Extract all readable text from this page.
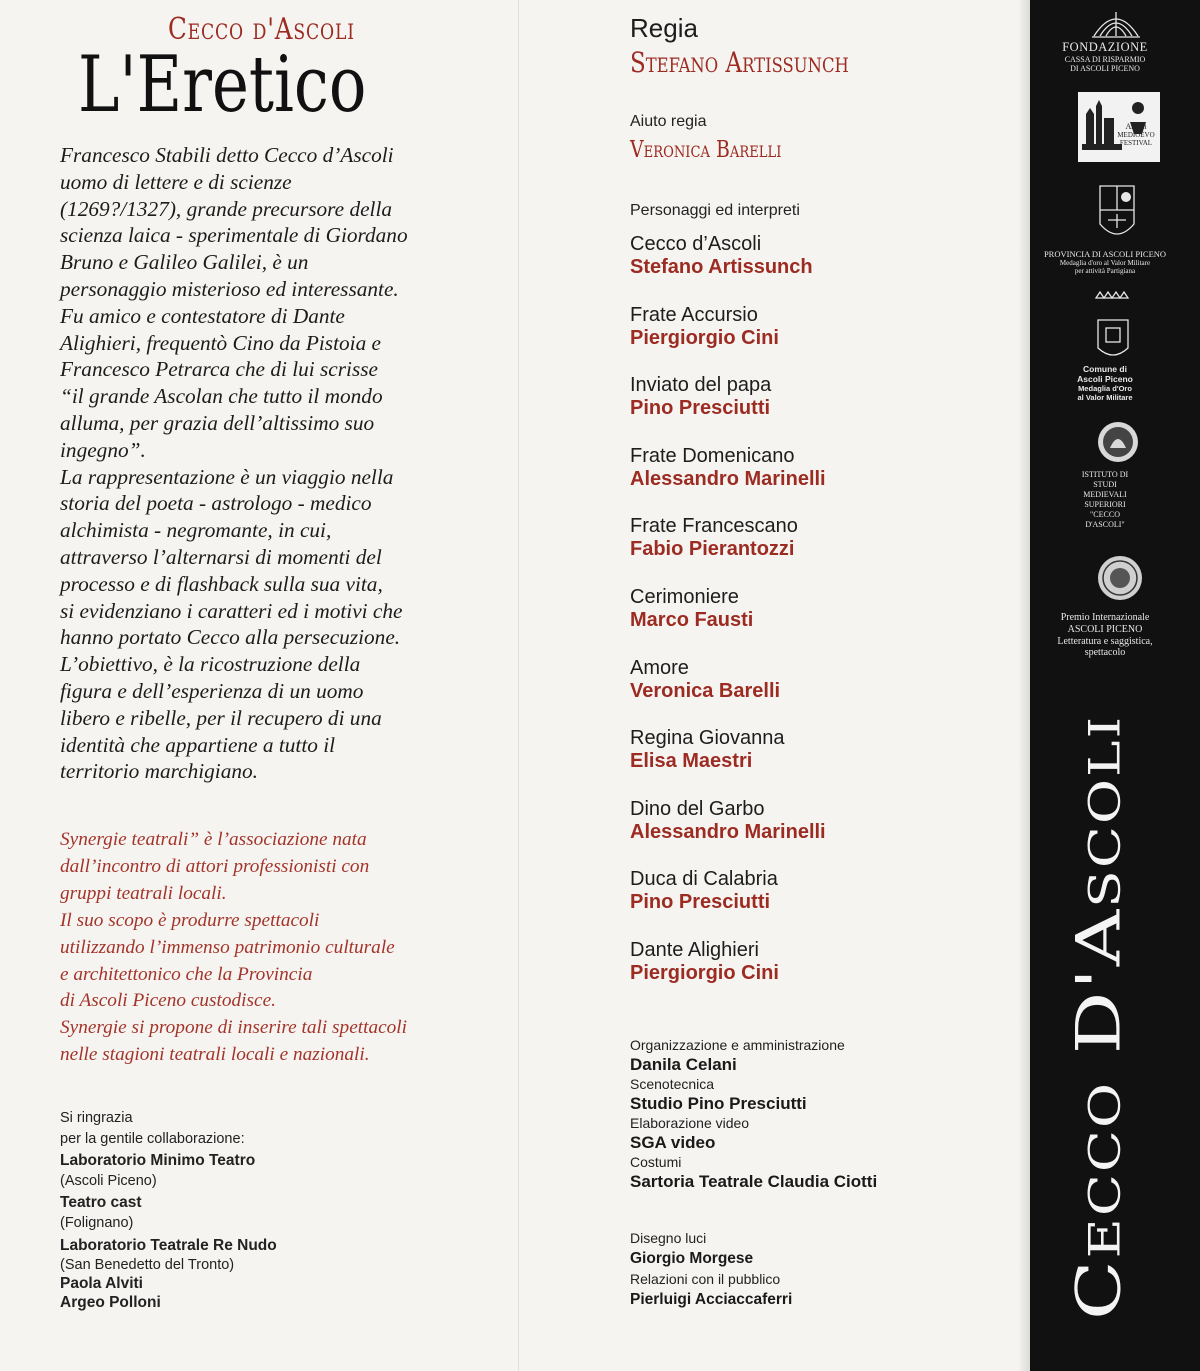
Cecco d'Ascoli
L'Eretico
Francesco Stabili detto Cecco d’Ascoli
uomo di lettere e di scienze
(1269?/1327), grande precursore della
scienza laica - sperimentale di Giordano
Bruno e Galileo Galilei, è un
personaggio misterioso ed interessante.
Fu amico e contestatore di Dante
Alighieri, frequentò Cino da Pistoia e
Francesco Petrarca che di lui scrisse
“il grande Ascolan che tutto il mondo
alluma, per grazia dell’altissimo suo
ingegno”.
La rappresentazione è un viaggio nella
storia del poeta - astrologo - medico
alchimista - negromante, in cui,
attraverso l’alternarsi di momenti del
processo e di flashback sulla sua vita,
si evidenziano i caratteri ed i motivi che
hanno portato Cecco alla persecuzione.
L’obiettivo, è la ricostruzione della
figura e dell’esperienza di un uomo
libero e ribelle, per il recupero di una
identità che appartiene a tutto il
territorio marchigiano.
Synergie teatrali” è l’associazione nata
dall’incontro di attori professionisti con
gruppi teatrali locali.
Il suo scopo è produrre spettacoli
utilizzando l’immenso patrimonio culturale
e architettonico che la Provincia
di Ascoli Piceno custodisce.
Synergie si propone di inserire tali spettacoli
nelle stagioni teatrali locali e nazionali.
Si ringrazia
per la gentile collaborazione:
Laboratorio Minimo Teatro
(Ascoli Piceno)
Teatro cast
(Folignano)
Laboratorio Teatrale Re Nudo
(San Benedetto del Tronto)
Paola Alviti
Argeo Polloni
Regia
Stefano Artissunch
Aiuto regia
Veronica Barelli
Personaggi ed interpreti
Cecco d’Ascoli
Stefano Artissunch
Frate Accursio
Piergiorgio Cini
Inviato del papa
Pino Presciutti
Frate Domenicano
Alessandro Marinelli
Frate Francescano
Fabio Pierantozzi
Cerimoniere
Marco Fausti
Amore
Veronica Barelli
Regina Giovanna
Elisa Maestri
Dino del Garbo
Alessandro Marinelli
Duca di Calabria
Pino Presciutti
Dante Alighieri
Piergiorgio Cini
Organizzazione e amministrazione
Danila Celani
Scenotecnica
Studio Pino Presciutti
Elaborazione video
SGA video
Costumi
Sartoria Teatrale Claudia Ciotti
Disegno luci
Giorgio Morgese
Relazioni con il pubblico
Pierluigi Acciaccaferri
FONDAZIONE
CASSA DI RISPARMIO
DI ASCOLI PICENO
Ascoli
MEDIOEVO
FESTIVAL
PROVINCIA DI ASCOLI PICENO
Medaglia d'oro al Valor Militare
per attività Partigiana
Comune di
Ascoli Piceno
Medaglia d'Oro
al Valor Militare
ISTITUTO DI
STUDI
MEDIEVALI
SUPERIORI
"CECCO
D'ASCOLI"
Premio Internazionale
ASCOLI PICENO
Letteratura e saggistica,
spettacolo
Cecco D'Ascoli
